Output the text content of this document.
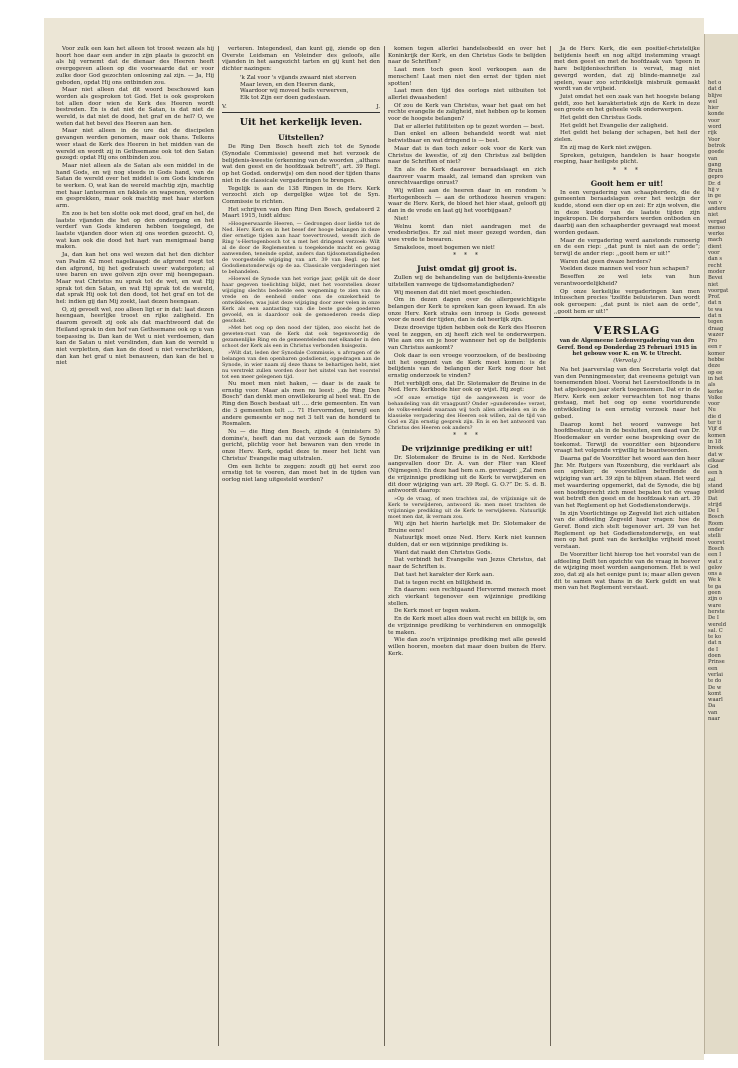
Voor zulk een kan het alleen tot troost wezen als hij hoort hoe daar een ander in zijn plaats is gezocht en als hij vernemt dat de dienaar des Heeren heeft overgegeven alleen op die voorwaarde dat er voor zulke door God gezochten onlosning zal zijn. — Ja, Hij geboden, opdat Hij ons ontbinden zou.

Maar niet alleen dat dit woord beschouwd kan worden als gesproken tot God. Het is ook gesproken tot allen door wien de Kerk des Heeren wordt bestreden. En is dat niet de Satan, is dat niet de wereld, is dat niet de dood, het graf en de hel? O, we weten dat het bevel des Heeren aan hen.

Maar niet alleen in de ure dat de discipelen gevangen werden genomen, maar ook thans. Telkens weer staat de Kerk des Heeren in het midden van de wereld en wordt zij in Gethsemane ook tot den Satan gezegd: opdat Hij ons ontbinden zou.

Maar niet alleen als de Satan als een middel in de hand Gods, en wij nog steeds in Gods hand, van de Satan de wereld over het middel is om Gods kinderen te werken. O, wat kan de wereld machtig zijn, machtig met haar lanteernen en fakkels en wapenen, woorden en gesprekken, maar ook machtig met haar sterken arm.

En zoo is het ten slotte ook met dood, graf en hel, de laatste vijanden die het op den ondergang en het verderf van Gods kinderen hebben toegelegd, de laatste vijanden door wien zij ons worden gezocht. O, wat kan ook die dood het hart van menigmaal bang maken.

Ja, dan kan het ons wel wezen dat het den dichter van Psalm 42 moet nagelkaagd: de afgrond roept tot den afgrond, bij het gedruisch uwer watergoten; al uwe baren en uwe golven zijn over mij heengegaan. Maar wat Christus nu sprak tot de wet, en wat Hij sprak tot den Satan, en wat Hij sprak tot de wereld, dat sprak Hij ook tot den dood, tot het graf en tot de hel: indien gij dan Mij zoekt, laat dezen heengaan.

O, zij gevoelt wel, zoo alleen ligt er in dat: laat dezen heengaan, heerlijke troost en rijke zaligheid. En daarom gevoelt zij ook als dat machtwoord dat de Heiland sprak in den hof van Gethsemane ook op u van toepassing is. Dan kan de Wet u niet verdoemen, dan kan de Satan u niet verslinden, dan kan de wereld u niet verpletten, dan kan de dood u niet verschrikken, dan kan het graf u niet benauwen, dan kan de hel u niet

verteren. Integendeel, dan kunt gij, ziende op den Overste Leidsman en Voleinder des geloofs, alle vijanden in het aangezicht tarten en gij kunt het den dichter nazingen:

'k Zal voor 's vijands zwaard niet sterven
Maar leven, en den Heeren dank,
Waardoor wij moveel heils verwerven,
Elk tot Zijn eer doen gadeslaan.
V.	J.
Uit het kerkelijk leven.
Uitstellen?

De Ring Den Bosch heeft zich tot de Synode (Synodale Commissie) gewend met het verzoek de belijdenis-kwestie (erkenning van de woorden ,,althans wat den geest en de hoofdzaak betreft”, art. 39 Regl. op het Godsd. onderwijs) om den nood der tijden thans niet in de classicale vergaderingen te brengen.

Tegelijk is aan de 138 Ringen in de Herv. Kerk verzocht zich op dergelijke wijze tot de Syn. Commissie te richten.

Het schrijven van den Ring Den Bosch, gedateerd 2 Maart 1915, luidt aldus:

»Hoogeerwaarde Heeren, — Gedrongen door liefde tot de Ned. Herv. Kerk en in het besef der hooge belangen in deze dier ernstige tijden aan haar toevertrouwd, wendt zich de Ring 's-Hertogenbosch tot u met het dringend verzoek: Wilt al de door de Reglementen u toegekende macht en gezag aanwenden, teneinde opdat, anders dan tijdsomstandigheden de voorgestelde wijziging van art. 39 van Regl. op het Godsdienstonderwijs op de aa. Classicale vergaderingen niet te behandelen.

»Hoewel de Synode van het vorige jaar, gelijk uit de door haar gegeven toelichting blijkt, met het voorstellen dezer wijziging slechts bedoelde een wegneming te zien van de vrede en de eenheid onder ons de onzekerheid te ontwikkelen, was juist deze wijziging door zeer velen in onze Kerk als een aantasting van die beste goede goederen gevoeld, en is daardoor ook de gemoederen reeds diep geschokt.

»Met het oog op den nood der tijden, zoo eischt het de geweten-rust van de Kerk dat ook tegenwoordig de gezamenlijke Ring en de gemeenteleden met elkander in den schoot der Kerk als een in Christus verbonden huisgezin.

»Wilt dat, leden der Synodale Commissie, u afvragen of de belangen van den openbaren godsdienst, opgedragen aan de Synode, in wier naam zij deze thans te behartigen hebt, niet nu verstrekt zullen worden door het uitstel van het voorstel tot een meer gelegenen tijd.

Nu moet men niet haken, — daar is de zaak te ernstig voor. Maar als men nu leest: ,,de Ring Den Bosch” dan denkt men onwillekeurig al heel wat. En de Ring den Bosch bestaat uit .... drie gemeenten. En van die 3 gemeenten telt .... 71 Hervormden, terwijl een andere gemeente er nog net 3 telt van de honderd te Rosmalen.

Nu — die Ring den Bosch, zijnde 4 (ministers 5) domine's, heeft dan nu dat verzoek aan de Synode gericht, plichtig voor het bewaren van den vrede in onze Herv. Kerk, opdat deze te meer het licht van Christus' Evangelie mag uitstralen.

Om een lichte te zeggen: zoudt gij het eerst zoo ernstig tot te voeren, dan moet het in de tijden van oorlog niet lang uitgesteld worden?

komen tegen allerlei handelsobeeld en over het Koninkrijk der Kerk, en den Christus Gods te belijden naar de Schriften?

Laat men toch geen kool verkoopen aan de menschen! Laat men niet den ernst der tijden niet spotten!

Laat men den tijd des oorlogs niet uitbuiten tot allerlei dwaasheden!

Of zou de Kerk van Christus, waar het gaat om het rechte evangelie de zaligheid, niet hebben op te komen voor de hoogste belangen?

Dat er allerlei futiliteiten op te gezet worden — best.

Dan enkel en alleen behandeld wordt wat niet betwistbaar en wat dringend is — best.

Maar dat is dan toch zeker ook voor de Kerk van Christus de kwestie, of zij den Christus zal belijden naar de Schriften of niet?

En als de Kerk daarover beraadslaagt en zich daarover vaarm maakt, zal iemand dan spreken van onrechtvaardige onrust?

Wij willen aan de heeren daar in en rondom 's Hertogenbosch — aan de orthodoxe heeren vragen: waar de Herv. Kerk, de bloed het hier staat, gelooft gij dan in de vrede en laat gij het voorbijgaan?

Niet!

Welnu komt dan niet aandragen met de vredesbriefjes. Er zal niet meer gezegd worden, dan uwe vrede te bewaren.

Smakeloos, moet bogemen we niet!

* * *
Juist omdat gij groot is.

Zullen wij de behandeling van de belijdenis-kwestie uitstellen vanwege de tijdsomstandigheden?

Wij meenen dat dit niet moet geschieden.

Om in dezen dagen over de allergewichtigste belangen der Kerk te spreken kan geen kwaad. En als onze Herv. Kerk straks een inroep is Gods geweest voor de nood der tijden, dan is dat heerlijk zijn.

Deze droevige tijden hebben ook de Kerk des Heeren veel te zeggen, en zij heeft zich wel te onderwerpen. Wie aan ons en je hoor wanneer het op de belijdenis van Christus aankomt?

Ook daar is een vroege voorzoeken, of de beslissing uit het oogpunt van de Kerk moet komen: is de belijdenis van de belangen der Kerk nog door het ernstig onderzoek te vinden?

Het verblijdt ons, dat Dr. Slotemaker de Bruine in de Ned. Herv. Kerkbode hier ook op wijst. Hij zegt:

»Of onze ernstige tijd de aangewezen is voor de behandeling van dit vraagpunt? Onder »gunderende« verzet, de volks-eenheid waaraan wij toch allen arbeiden en in de klassieke vergadering des Heeren ook willen, zal de tijd van God en Zijn ernstig gesprek zijn. En is en het antwoord van Christus des Heeren ook anders?

* * *
De vrijzinnige prediking er uit!

Dr. Slotemaker de Bruine is in de Ned. Kerkbode aangevallen door Dr. A. van der Flier van Kleef (Nijmegen). En deze had hem o.m. gevraagd: ,,Zal men de vrijzinnige prediking uit de Kerk te verwijderen en dit door wijziging van art. 39 Regl. G. O.?” Dr. S. d. B. antwoordt daarop:

»Op de vraag, of men trachten zal, de vrijzinnige uit de Kerk te verwijderen, antwoord ik: men moet trachten de vrijzinnige prediking uit de Kerk te verwijderen. Natuurlijk moet men dat, ik vernam zou.

Wij zijn het hierin hartelijk met Dr. Slotemaker de Bruine eens!

Natuurlijk moet onze Ned. Herv. Kerk niet kunnen dulden, dat er een wijzinnige prediking is.

Want dat raakt den Christus Gods.

Dat verbindt het Evangelie van Jezus Christus, dat naar de Schriften is.

Dat tast het karakter der Kerk aan.

Dat is tegen recht en billijkheid in.

En daarom: een rechtgaand Hervormd mensch moet zich vierkant tegenover een wijzinnige prediking stellen.

De Kerk moet er tegen waken.

En de Kerk moet alles doen wat recht en billijk is, om de vrijzinnige prediking te verhinderen en onmogelijk te maken.

Wie dan zoo'n vrijzinnige prediking met alle geweld willen hooren, moeten dat maar doen buiten de Herv. Kerk.

Ja de Herv. Kerk, die een positief-christelijke belijdenis heeft en nog altijd instemming vraagt met den geest en met de hoofdzaak van 'tgeen in hare belijdenisschriften is vervat, mag niet gevergd worden, dat zij blinde-mannetje zal spelen, waar zoo schrikkelijk misbruik gemaakt wordt van de vrijheid.

Juist omdat het een zaak van het hoogste belang geldt, zoo het karakteristiek zijn de Kerk in deze een groote en het geheele volk onderwerpen.

Het geldt den Christus Gods.

Het geldt het Evangelie der zaligheid.

Het geldt het belang der schapen, bet heil der zielen.

En zij mag de Kerk niet zwijgen.

Spreken, getuigen, handelen is haar hoogste roeping, haar heiligste plicht.

* * *
Gooit hem er uit!

In een vergadering van schaapherders, die de gemeenten beraadslagen over het welzijn der kudde, stond een dier op en zei: Er zijn wolven, die in deze kudde van de laatste tijden zijn ingekropen. De dorpsherders werden ontboden en daarbij aan den schaapherder gevraagd wat moest worden gedaan.

Maar de vergadering werd aanstonds rumoerig en de een riep: ,,dat punt is niet aan de orde”; terwijl de ander riep: ,,gooit hem er uit!”

Waren dat geen dwaze herders?

Voelden deze mannen wel voor hun schapen?

Beseffen ze wel iets van hun verantwoordelijkheid?

Op onze kerkelijke vergaderingen kan men intusschen precies 'tzelfde beluisteren. Dan wordt ook geroepen: ,,dat punt is niet aan de orde”, ,,gooit hem er uit!”

VERSLAG
van de Algemeene Ledenvergadering van den Geref. Bond op Donderdag 25 Februari 1915 in het gebouw voor K. en W. te Utrecht.
(Vervolg.)

Na het jaarverslag van den Secretaris volgt dat van den Penningmeester, dat eveneens getuigt van toenemenden bloei. Voorai het Leerstoelfonds is in het afgeloopen jaar sterk toegenomen. Dat er in de Herv. Kerk een zeker verwachten tot nog thans gestaag, met het oog op eene voortdurende ontwikkeling is een ernstig verzoek naar het gebed.

Daarop komt het woord vanwege het hoofdbestuur, als in de besluiten, een daad van Dr. Hoedemaker en verder eene bespreking over de toekomst. Terwijl de voorzitter een bijzondere vraagt het volgende vrijwillig te beantwoorden.

Daarna gaf de Voorzitter het woord aan den heer Jhr. Mr. Rutgers van Rozenburg, die verklaart als een spreker; de voorstellen betreffende de wijziging van art. 39 zijn te blijven staan. Het werd met waardering opgemerkt, dat de Synode, die bij een hoofdgerecht zich moet bepalen tot de vraag wat betreft den geest en de hoofdzaak van art. 39 van het Reglement op het Godsdienstonderwijs.

In zijn Voorlichtinge op Zegveld liet zich uitlaten van de afdeeling Zegveld haar vragen: hoe de Geref. Bond zich stelt tegenover art. 39 van het Reglement op het Godsdienstonderwijs, en wat men op het punt van de kerkelijke vrijheid moet verstaan.

De Voorzitter licht hierop toe het voorstel van de afdeeling Delft ten opzichte van de vraag in hoever de wijziging moet worden aangenomen. Het is wel zoo, dat zij als het eenige punt is; maar allen geven dit te samen wat thans in de Kerk geldt en wat men van het Reglement verstaat.

het o
dat d
blijve
wel
hier
konde
voor
word
rijk
Voor
betrok
goede
van
gang
Bruin
gepro
Dr. d
hij v
in ge
van v
andere
niet
vergad
menso
werke
mach
dient
voor
dan s
recht
moder
Bevei
niet
voorgat
Prof.
dat n
te wa
dat n
tegen
draag
wazer
Pro
een r
komer
hebbe
deze
op ee
in het
als
kerke
Volke
voor
Nu
die d
ter ti
Vijf d
komen
in 18
breek
dat w
elkaar
God
een h
zal
stand
geleid
Dat
strijd
De I
Bosch
Room
onder
stelli
voorst
Bosch
een I
wat z
gelov
ons a
We k
te ga
geen
zijn o
ware
herste
De I
wereld
sal. C
te ko
dat n
de I
doen
Prinse
een
verlai
te do
De w
komt
waarl
Da
van
naar
